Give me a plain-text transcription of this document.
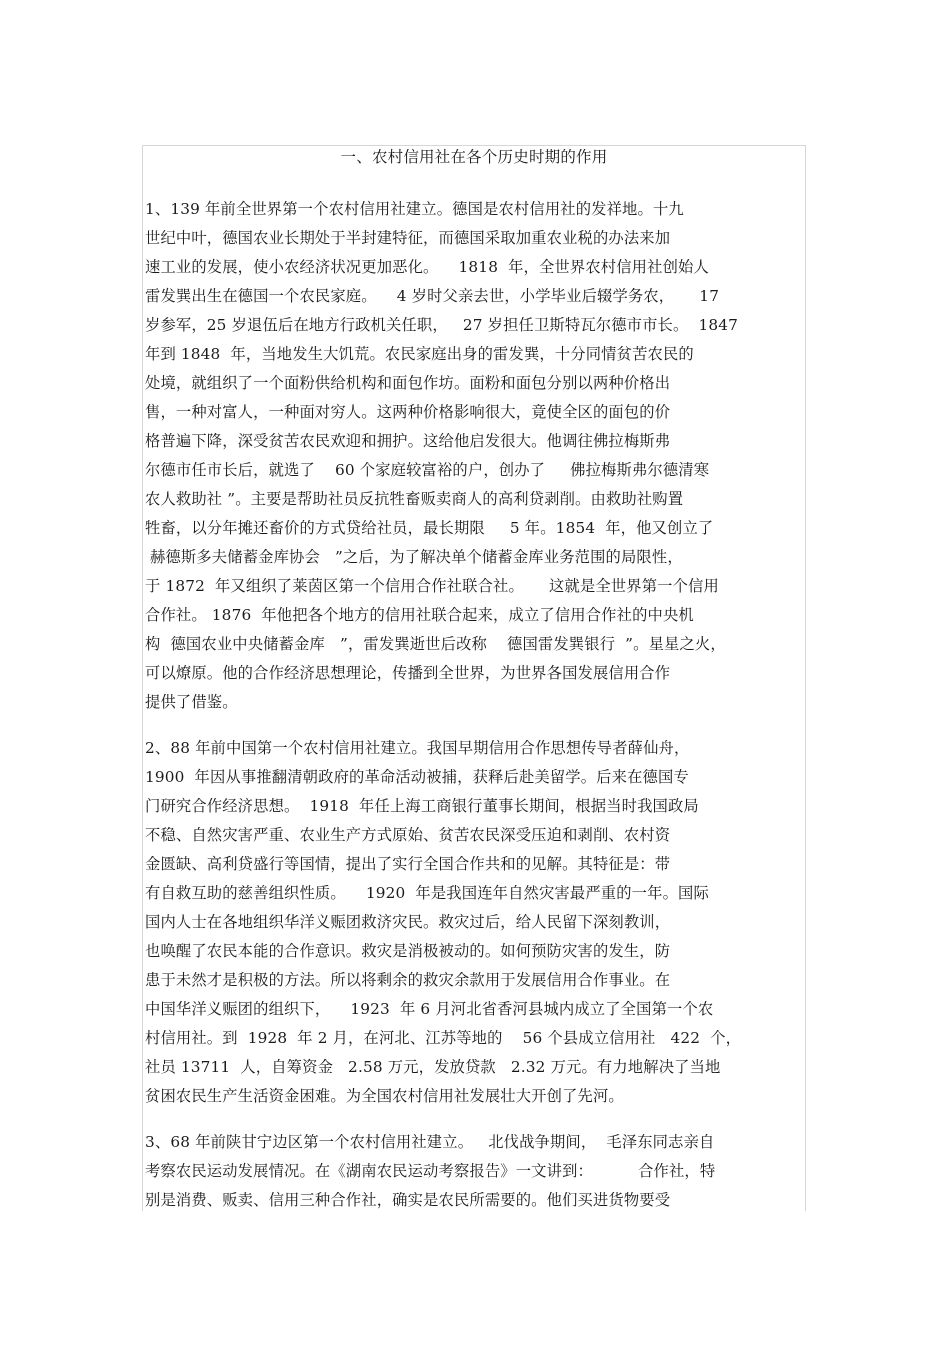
一、农村信用社在各个历史时期的作用
1、139 年前全世界第一个农村信用社建立。德国是农村信用社的发祥地。十九
世纪中叶，德国农业长期处于半封建特征，而德国采取加重农业税的办法来加
速工业的发展，使小农经济状况更加恶化。    1818  年，全世界农村信用社创始人
雷发巽出生在德国一个农民家庭。    4 岁时父亲去世，小学毕业后辍学务农，     17
岁参军，25 岁退伍后在地方行政机关任职，   27 岁担任卫斯特瓦尔德市市长。  1847
年到 1848  年，当地发生大饥荒。农民家庭出身的雷发巽，十分同情贫苦农民的
处境，就组织了一个面粉供给机构和面包作坊。面粉和面包分别以两种价格出
售，一种对富人，一种面对穷人。这两种价格影响很大，竟使全区的面包的价
格普遍下降，深受贫苦农民欢迎和拥护。这给他启发很大。他调往佛拉梅斯弗
尔德市任市长后，就选了    60 个家庭较富裕的户，创办了     佛拉梅斯弗尔德清寒
农人救助社 ”。主要是帮助社员反抗牲畜贩卖商人的高利贷剥削。由救助社购置
牲畜，以分年摊还畜价的方式贷给社员，最长期限     5 年。1854  年，他又创立了
赫德斯多夫储蓄金库协会   ”之后，为了解决单个储蓄金库业务范围的局限性，
于 1872  年又组织了莱茵区第一个信用合作社联合社。     这就是全世界第一个信用
合作社。 1876  年他把各个地方的信用社联合起来，成立了信用合作社的中央机
构  德国农业中央储蓄金库   ”，雷发巽逝世后改称    德国雷发巽银行  ”。星星之火，
可以燎原。他的合作经济思想理论，传播到全世界，为世界各国发展信用合作
提供了借鉴。
2、88 年前中国第一个农村信用社建立。我国早期信用合作思想传导者薛仙舟，
1900  年因从事推翻清朝政府的革命活动被捕，获释后赴美留学。后来在德国专
门研究合作经济思想。  1918  年任上海工商银行董事长期间，根据当时我国政局
不稳、自然灾害严重、农业生产方式原始、贫苦农民深受压迫和剥削、农村资
金匮缺、高利贷盛行等国情，提出了实行全国合作共和的见解。其特征是：带
有自救互助的慈善组织性质。    1920  年是我国连年自然灾害最严重的一年。国际
国内人士在各地组织华洋义赈团救济灾民。救灾过后，给人民留下深刻教训，
也唤醒了农民本能的合作意识。救灾是消极被动的。如何预防灾害的发生，防
患于未然才是积极的方法。所以将剩余的救灾余款用于发展信用合作事业。在
中国华洋义赈团的组织下，    1923  年 6 月河北省香河县城内成立了全国第一个农
村信用社。到  1928  年 2 月，在河北、江苏等地的    56 个县成立信用社   422  个，
社员 13711  人，自筹资金   2.58 万元，发放贷款   2.32 万元。有力地解决了当地
贫困农民生产生活资金困难。为全国农村信用社发展壮大开创了先河。
3、68 年前陕甘宁边区第一个农村信用社建立。   北伐战争期间，  毛泽东同志亲自
考察农民运动发展情况。在《湖南农民运动考察报告》一文讲到：         合作社，特
别是消费、贩卖、信用三种合作社，确实是农民所需要的。他们买进货物要受
